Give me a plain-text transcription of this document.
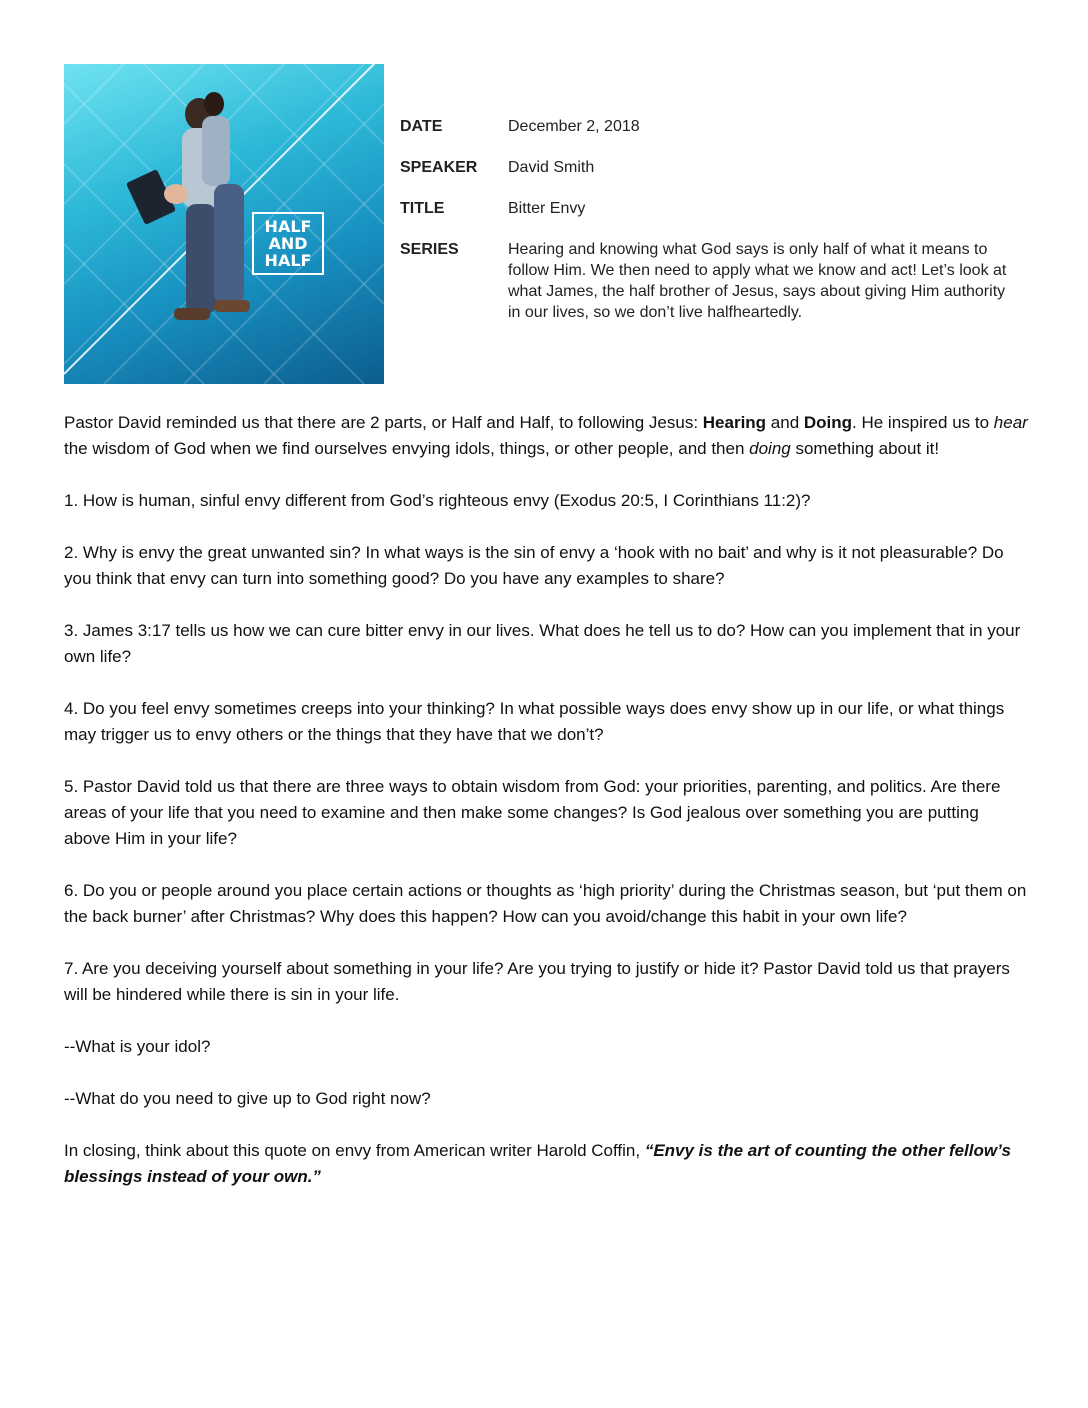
HALF
AND
HALF
DATE	December 2, 2018
SPEAKER	David Smith
TITLE	Bitter Envy
SERIES	Hearing and knowing what God says is only half of what it means to follow Him. We then need to apply what we know and act! Let’s look at what James, the half brother of Jesus, says about giving Him authority in our lives, so we don’t live halfheartedly.

Pastor David reminded us that there are 2 parts, or Half and Half, to following Jesus: Hearing and Doing. He inspired us to hear the wisdom of God when we find ourselves envying idols, things, or other people, and then doing something about it!

1. How is human, sinful envy different from God’s righteous envy (Exodus 20:5, I Corinthians 11:2)?

2. Why is envy the great unwanted sin? In what ways is the sin of envy a ‘hook with no bait’ and why is it not pleasurable? Do you think that envy can turn into something good? Do you have any examples to share?

3. James 3:17 tells us how we can cure bitter envy in our lives. What does he tell us to do? How can you implement that in your own life?

4. Do you feel envy sometimes creeps into your thinking? In what possible ways does envy show up in our life, or what things may trigger us to envy others or the things that they have that we don’t?

5. Pastor David told us that there are three ways to obtain wisdom from God: your priorities, parenting, and politics. Are there areas of your life that you need to examine and then make some changes? Is God jealous over something you are putting above Him in your life?

6. Do you or people around you place certain actions or thoughts as ‘high priority’ during the Christmas season, but ‘put them on the back burner’ after Christmas? Why does this happen? How can you avoid/change this habit in your own life?

7. Are you deceiving yourself about something in your life? Are you trying to justify or hide it? Pastor David told us that prayers will be hindered while there is sin in your life.

--What is your idol?

--What do you need to give up to God right now?

In closing, think about this quote on envy from American writer Harold Coffin, “Envy is the art of counting the other fellow’s blessings instead of your own.”
